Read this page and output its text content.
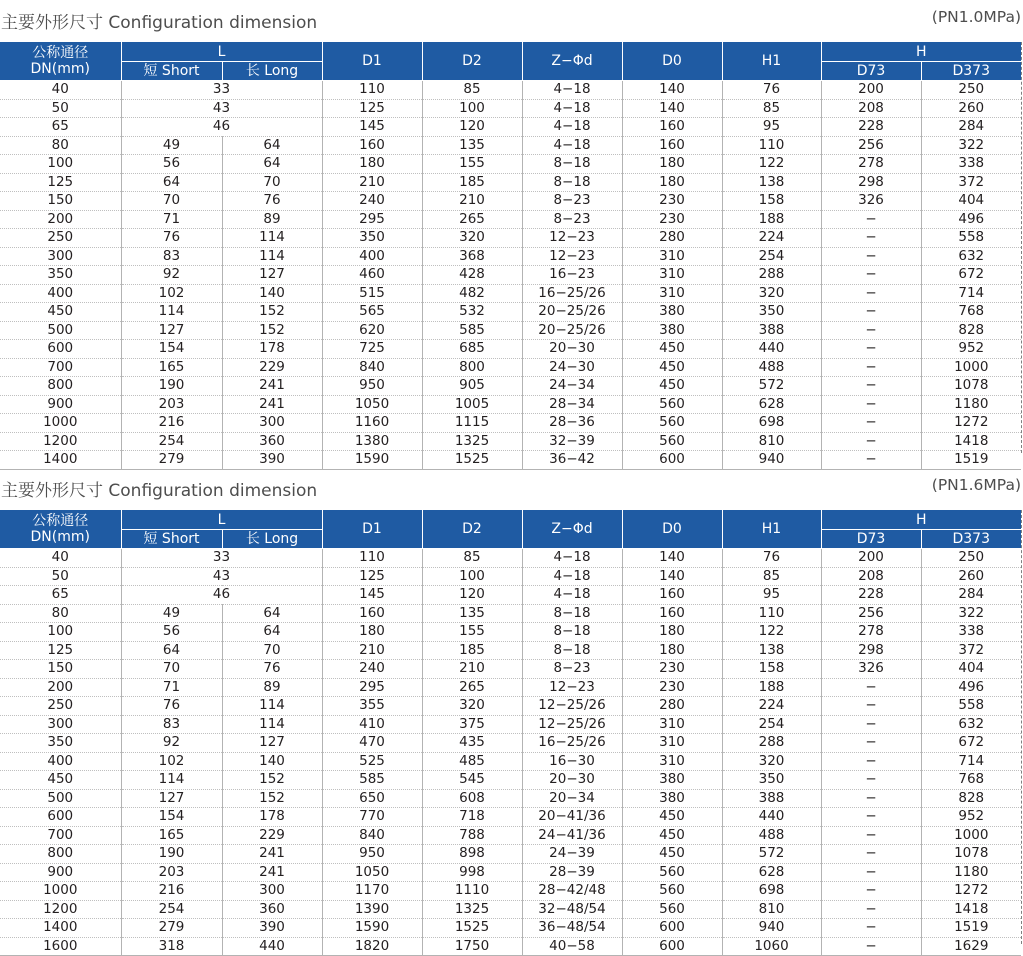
主要外形尺寸 Configuration dimension	(PN1.0MPa)
公称通径
DN(mm)	L		D1	D2	Z−Φd	D0	H1	H	
	短 Short	长 Long						D73	D373
40	33		110	85	4−18	140	76	200	250
50	43		125	100	4−18	140	85	208	260
65	46		145	120	4−18	160	95	228	284
80	49	64	160	135	4−18	160	110	256	322
100	56	64	180	155	8−18	180	122	278	338
125	64	70	210	185	8−18	180	138	298	372
150	70	76	240	210	8−23	230	158	326	404
200	71	89	295	265	8−23	230	188	−	496
250	76	114	350	320	12−23	280	224	−	558
300	83	114	400	368	12−23	310	254	−	632
350	92	127	460	428	16−23	310	288	−	672
400	102	140	515	482	16−25/26	310	320	−	714
450	114	152	565	532	20−25/26	380	350	−	768
500	127	152	620	585	20−25/26	380	388	−	828
600	154	178	725	685	20−30	450	440	−	952
700	165	229	840	800	24−30	450	488	−	1000
800	190	241	950	905	24−34	450	572	−	1078
900	203	241	1050	1005	28−34	560	628	−	1180
1000	216	300	1160	1115	28−36	560	698	−	1272
1200	254	360	1380	1325	32−39	560	810	−	1418
1400	279	390	1590	1525	36−42	600	940	−	1519
主要外形尺寸 Configuration dimension	(PN1.6MPa)
公称通径
DN(mm)	L		D1	D2	Z−Φd	D0	H1	H	
	短 Short	长 Long						D73	D373
40	33		110	85	4−18	140	76	200	250
50	43		125	100	4−18	140	85	208	260
65	46		145	120	4−18	160	95	228	284
80	49	64	160	135	8−18	160	110	256	322
100	56	64	180	155	8−18	180	122	278	338
125	64	70	210	185	8−18	180	138	298	372
150	70	76	240	210	8−23	230	158	326	404
200	71	89	295	265	12−23	230	188	−	496
250	76	114	355	320	12−25/26	280	224	−	558
300	83	114	410	375	12−25/26	310	254	−	632
350	92	127	470	435	16−25/26	310	288	−	672
400	102	140	525	485	16−30	310	320	−	714
450	114	152	585	545	20−30	380	350	−	768
500	127	152	650	608	20−34	380	388	−	828
600	154	178	770	718	20−41/36	450	440	−	952
700	165	229	840	788	24−41/36	450	488	−	1000
800	190	241	950	898	24−39	450	572	−	1078
900	203	241	1050	998	28−39	560	628	−	1180
1000	216	300	1170	1110	28−42/48	560	698	−	1272
1200	254	360	1390	1325	32−48/54	560	810	−	1418
1400	279	390	1590	1525	36−48/54	600	940	−	1519
1600	318	440	1820	1750	40−58	600	1060	−	1629
